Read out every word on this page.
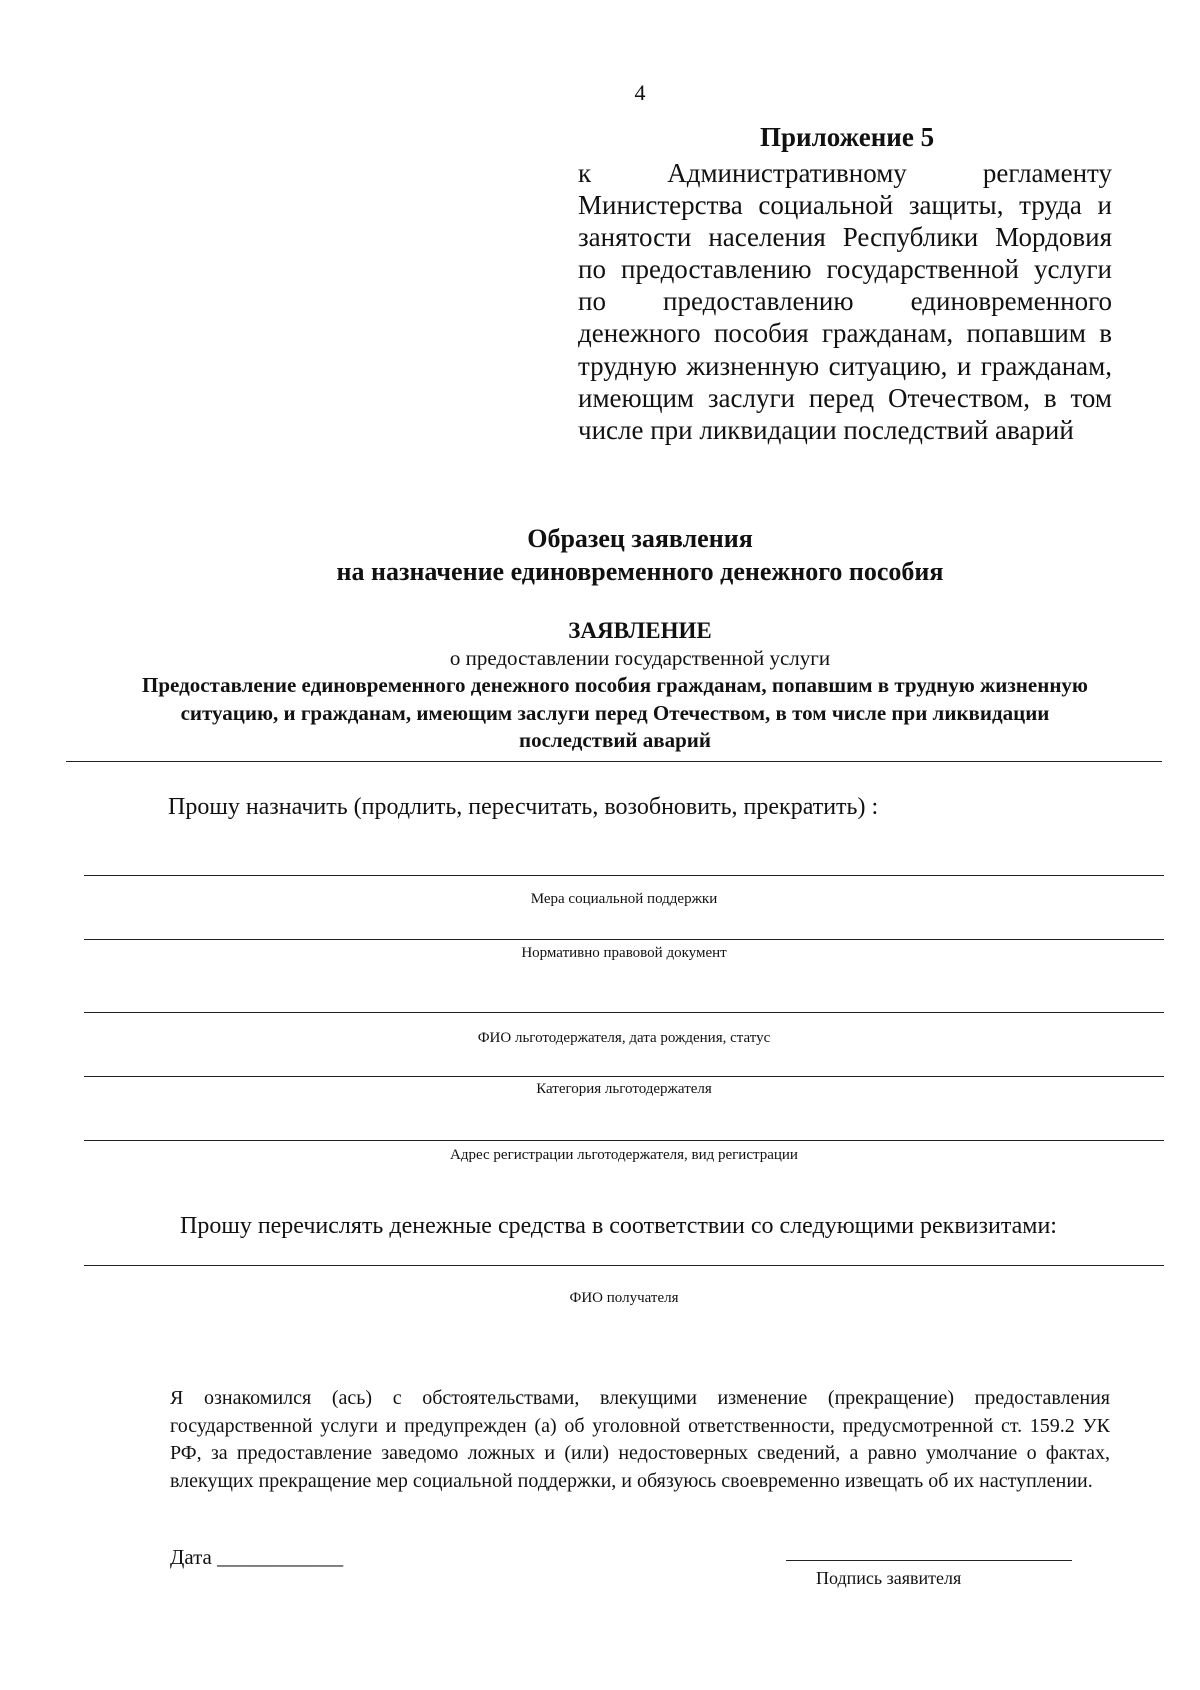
4
Приложение 5
к Административному регламенту Министерства социальной защиты, труда и занятости населения Республики Мордовия по предоставлению государственной услуги по предоставлению единовременного денежного пособия гражданам, попавшим в трудную жизненную ситуацию, и гражданам, имеющим заслуги перед Отечеством, в том числе при ликвидации последствий аварий
Образец заявления
на назначение единовременного денежного пособия
ЗАЯВЛЕНИЕ
о предоставлении государственной услуги
Предоставление единовременного денежного пособия гражданам, попавшим в трудную жизненную ситуацию, и гражданам, имеющим заслуги перед Отечеством, в том числе при ликвидации последствий аварий
Прошу назначить (продлить, пересчитать, возобновить, прекратить) :
Мера социальной поддержки
Нормативно правовой документ
ФИО льготодержателя, дата рождения, статус
Категория льготодержателя
Адрес регистрации льготодержателя, вид регистрации
Прошу перечислять денежные средства в соответствии со следующими реквизитами:
ФИО получателя
Я ознакомился (ась) с обстоятельствами, влекущими изменение (прекращение) предоставления государственной услуги и предупрежден (а) об уголовной ответственности, предусмотренной ст. 159.2 УК РФ, за предоставление заведомо ложных и (или) недостоверных сведений, а равно умолчание о фактах, влекущих прекращение мер социальной поддержки, и обязуюсь своевременно извещать об их наступлении.
Дата ____________
Подпись заявителя
